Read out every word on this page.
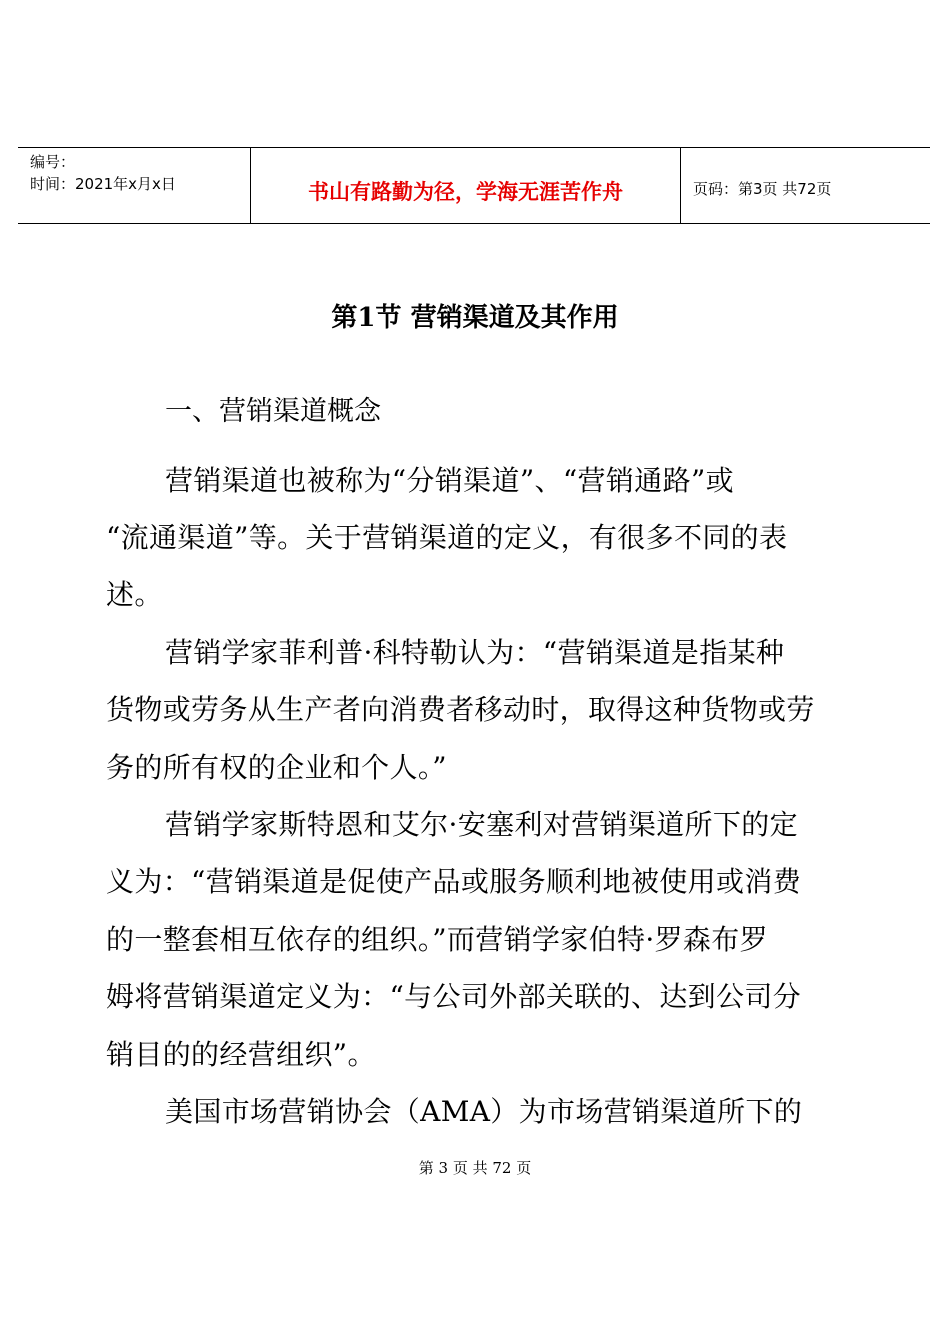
编号：
时间：2021年x月x日	书山有路勤为径，学海无涯苦作舟	页码：第3页 共72页
第1节 营销渠道及其作用
一、营销渠道概念
营销渠道也被称为“分销渠道”、“营销通路”或
“流通渠道”等。关于营销渠道的定义，有很多不同的表
述。
营销学家菲利普·科特勒认为：“营销渠道是指某种
货物或劳务从生产者向消费者移动时，取得这种货物或劳
务的所有权的企业和个人。”
营销学家斯特恩和艾尔·安塞利对营销渠道所下的定
义为：“营销渠道是促使产品或服务顺利地被使用或消费
的一整套相互依存的组织。”而营销学家伯特·罗森布罗
姆将营销渠道定义为：“与公司外部关联的、达到公司分
销目的的经营组织”。
美国市场营销协会（AMA）为市场营销渠道所下的
第 3 页 共 72 页
